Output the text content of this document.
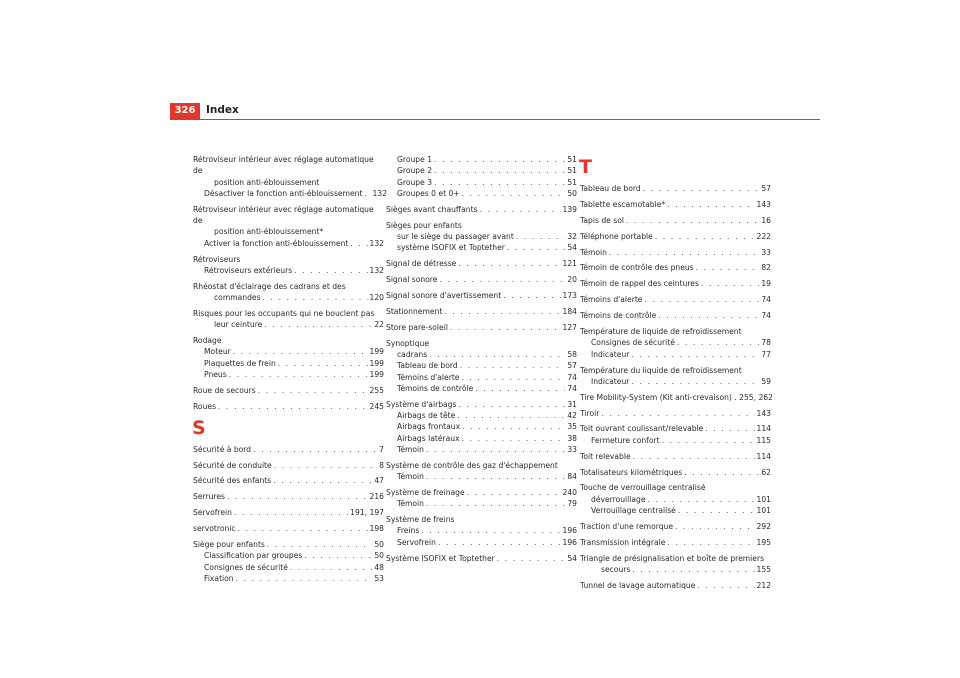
326	Index
Rétroviseur intérieur avec réglage automatique de
position anti-éblouissement
Désactiver la fonction anti-éblouissement . . . 132
Rétroviseur intérieur avec réglage automatique de
position anti-éblouissement*
Activer la fonction anti-éblouissement . . .	132
Rétroviseurs
Rétroviseurs extérieurs . . .	132
Rhéostat d'éclairage des cadrans et des
commandes . . .	120
Risques pour les occupants qui ne bouclent pas
leur ceinture . . .	22
Rodage
Moteur . . .	199
Plaquettes de frein . . .	199
Pneus . . .	199
Roue de secours . . .	255
Roues . . .	245
S
Sécurité à bord . . .	7
Sécurité de conduite . . .	8
Sécurité des enfants . . .	47
Serrures . . .	216
Servofrein . . .	191, 197
servotronic . . .	198
Siège pour enfants . . .	50
Classification par groupes . . .	50
Consignes de sécurité . . .	48
Fixation . . .	53
Groupe 1 . . .	51
Groupe 2 . . .	51
Groupe 3 . . .	51
Groupes 0 et 0+ . . .	50
Sièges avant chauffants . . .	139
Sièges pour enfants
sur le siège du passager avant . . .	32
système ISOFIX et Toptether . . .	54
Signal de détresse . . .	121
Signal sonore . . .	20
Signal sonore d'avertissement . . .	173
Stationnement . . .	184
Store pare-soleil . . .	127
Synoptique
cadrans . . .	58
Tableau de bord . . .	57
Témoins d'alerte . . .	74
Témoins de contrôle . . .	74
Système d'airbags . . .	31
Airbags de tête . . .	42
Airbags frontaux . . .	35
Airbags latéraux . . .	38
Témoin . . .	33
Système de contrôle des gaz d'échappement
Témoin . . .	84
Système de freinage . . .	240
Témoin . . .	79
Système de freins
Freins . . .	196
Servofrein . . .	196
Système ISOFIX et Toptether . . .	54
T
Tableau de bord . . .	57
Tablette escamotable* . . .	143
Tapis de sol . . .	16
Téléphone portable . . .	222
Témoin . . .	33
Témoin de contrôle des pneus . . .	82
Témoin de rappel des ceintures . . .	19
Témoins d'alerte . . .	74
Témoins de contrôle . . .	74
Température de liquide de refroidissement
Consignes de sécurité . . .	78
Indicateur . . .	77
Température du liquide de refroidissement
Indicateur . . .	59
Tire Mobility-System (Kit anti-crevaison) . 255, 262
Tiroir . . .	143
Toit ouvrant coulissant/relevable . . .	114
Fermeture confort . . .	115
Toit relevable . . .	114
Totalisateurs kilométriques . . .	62
Touche de verrouillage centralisé
déverrouillage . . .	101
Verrouillage centralisé . . .	101
Traction d'une remorque . . .	292
Transmission intégrale . . .	195
Triangle de présignalisation et boîte de premiers
secours . . .	155
Tunnel de lavage automatique . . .	212
